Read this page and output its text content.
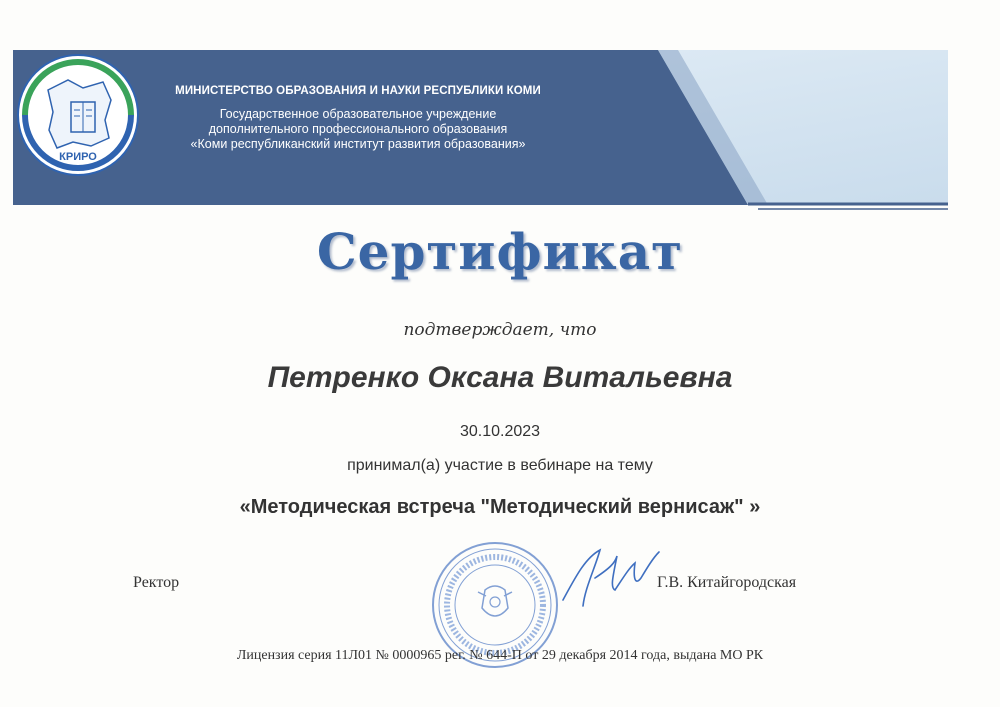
МИНИСТЕРСТВО ОБРАЗОВАНИЯ И НАУКИ РЕСПУБЛИКИ КОМИ
Государственное образовательное учреждение
дополнительного профессионального образования
«Коми республиканский институт развития образования»
КРИРО
Сертификат
подтверждает, что
Петренко Оксана Витальевна
30.10.2023
принимал(а) участие в вебинаре на тему
«Методическая встреча "Методический вернисаж" »
Ректор	Г.В. Китайгородская
Лицензия серия 11Л01 № 0000965 рег. № 644-П от 29 декабря 2014 года, выдана МО РК
